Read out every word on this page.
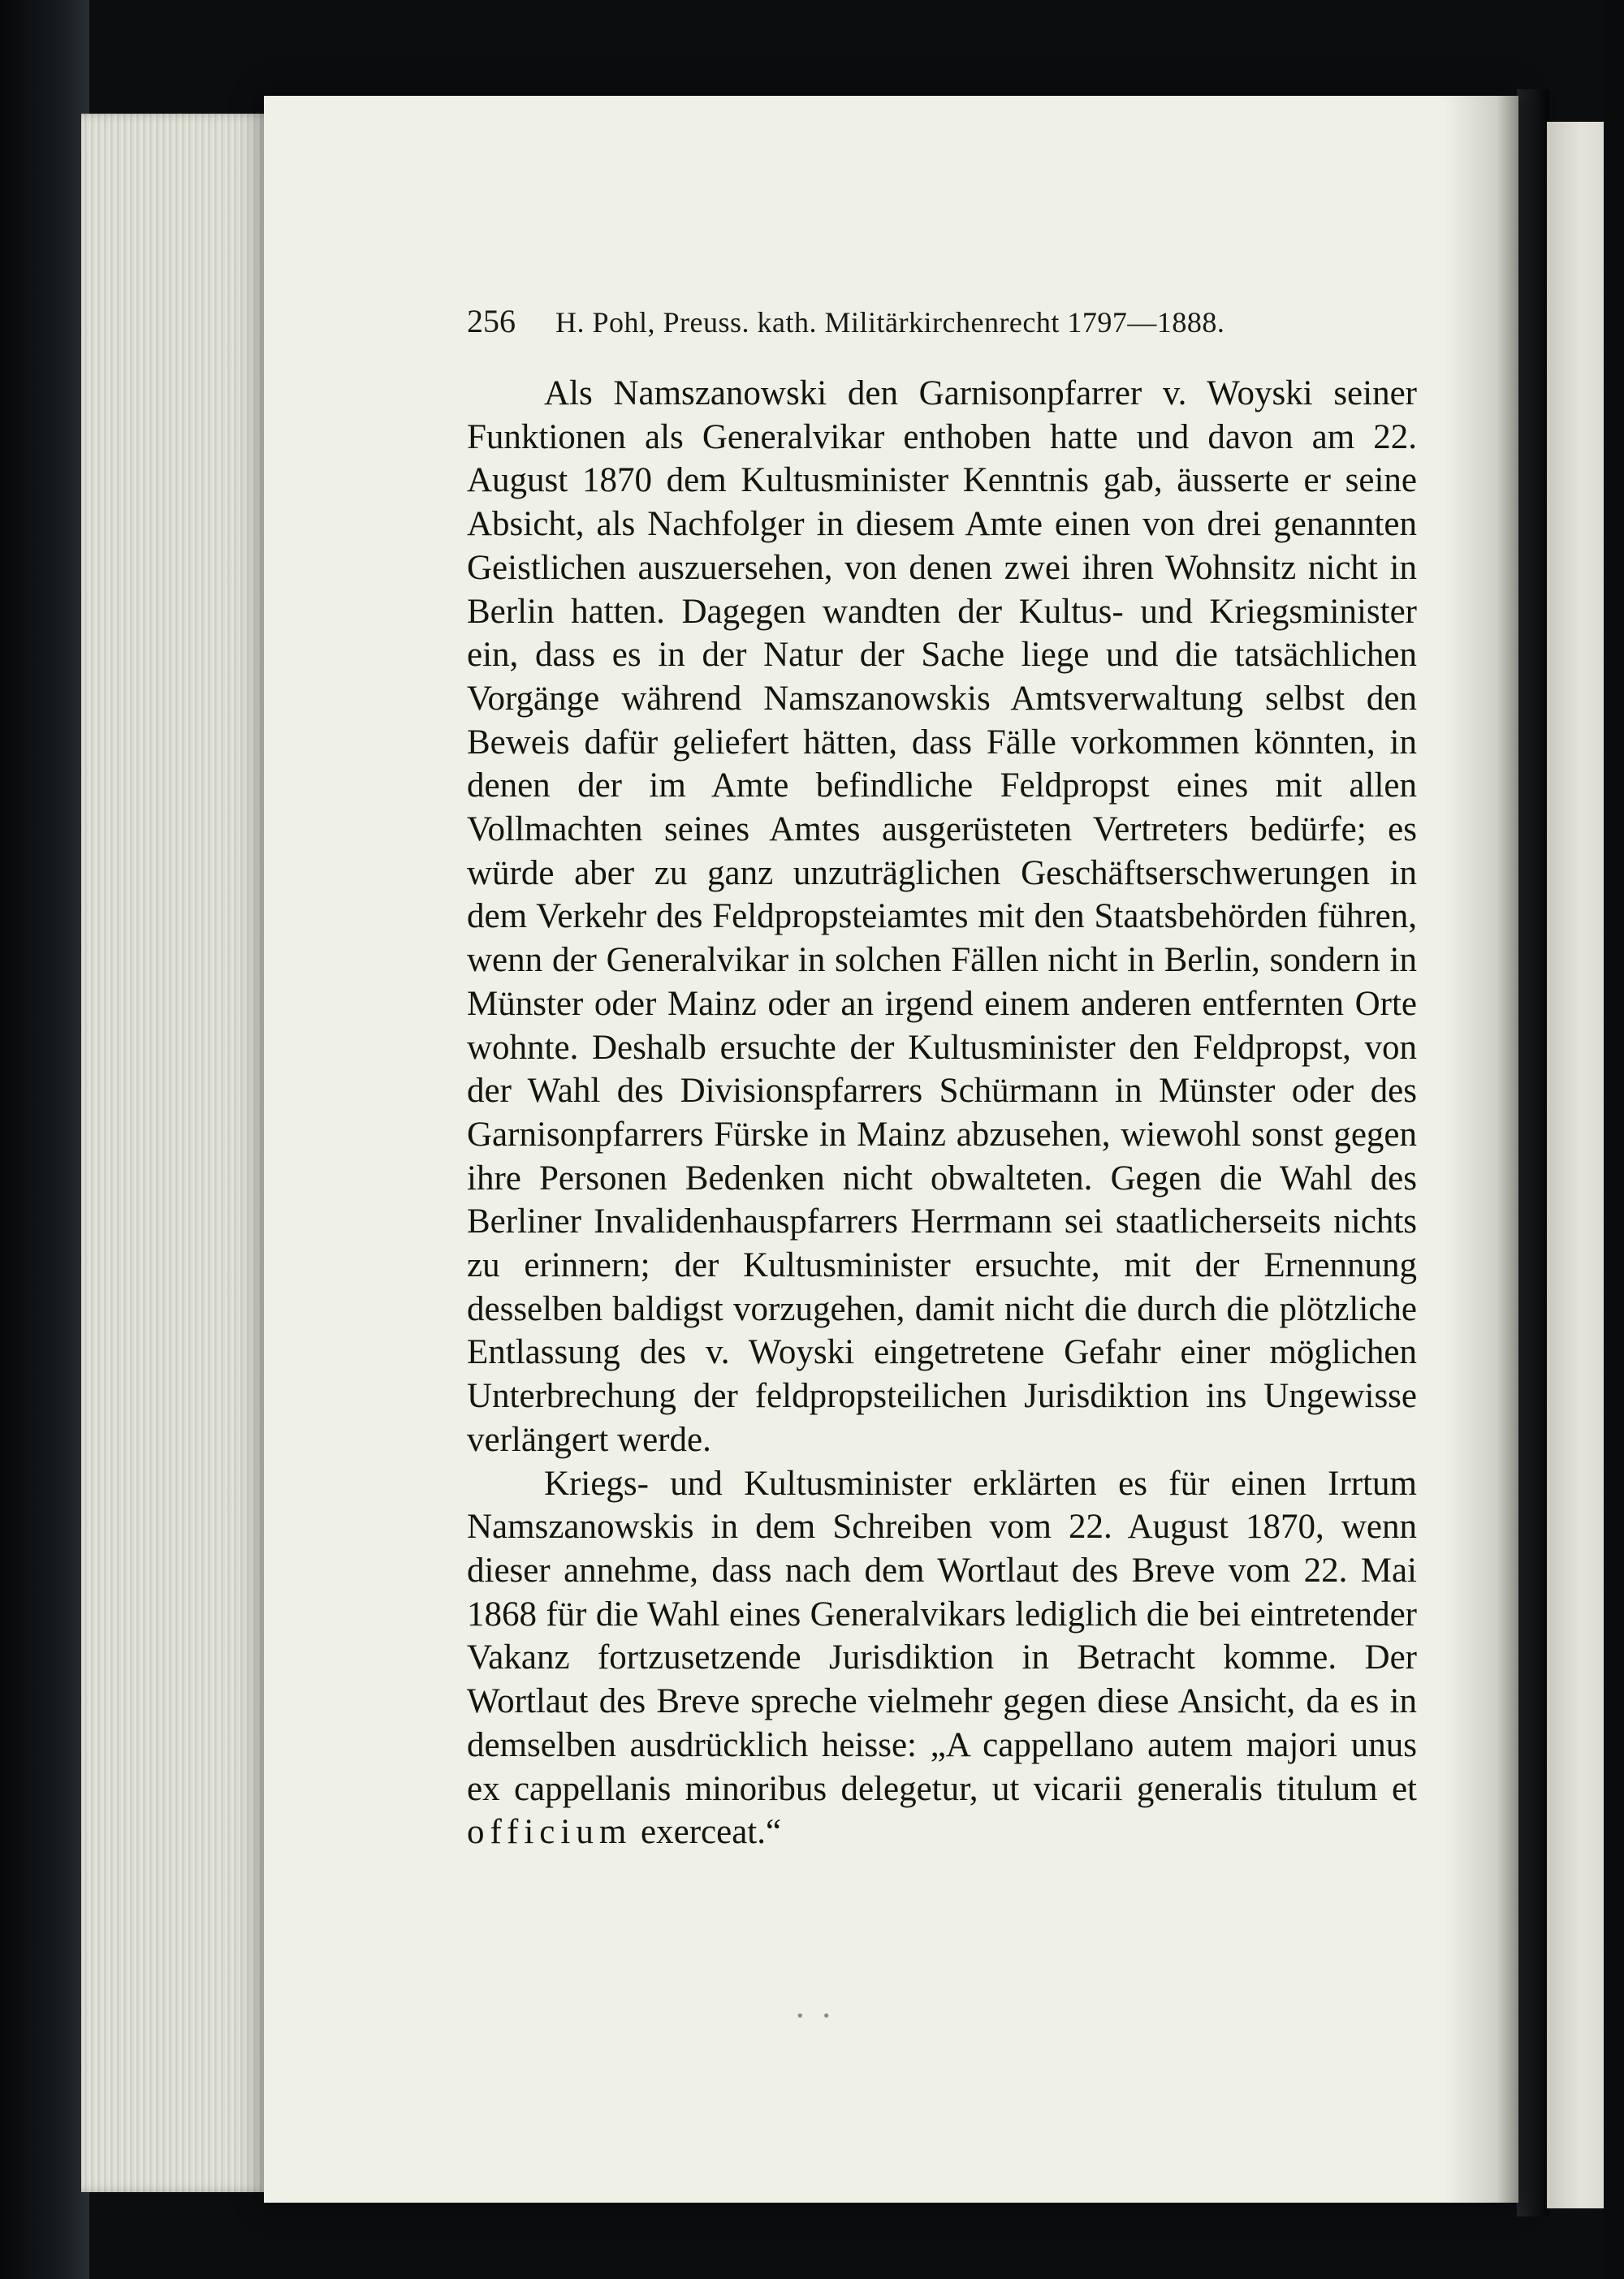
256 H. Pohl, Preuss. kath. Militärkirchenrecht 1797—1888.

Als Namszanowski den Garnisonpfarrer v. Woyski seiner Funktionen als Generalvikar enthoben hatte und davon am 22. August 1870 dem Kultusminister Kenntnis gab, äusserte er seine Absicht, als Nachfolger in diesem Amte einen von drei genannten Geistlichen auszuersehen, von denen zwei ihren Wohnsitz nicht in Berlin hatten. Dagegen wandten der Kultus- und Kriegsminister ein, dass es in der Natur der Sache liege und die tatsächlichen Vorgänge während Namszanowskis Amtsverwaltung selbst den Beweis dafür geliefert hätten, dass Fälle vorkommen könnten, in denen der im Amte befindliche Feldpropst eines mit allen Vollmachten seines Amtes ausgerüsteten Vertreters bedürfe; es würde aber zu ganz unzuträglichen Geschäftserschwerungen in dem Verkehr des Feldpropsteiamtes mit den Staatsbehörden führen, wenn der Generalvikar in solchen Fällen nicht in Berlin, sondern in Münster oder Mainz oder an irgend einem anderen entfernten Orte wohnte. Deshalb ersuchte der Kultusminister den Feldpropst, von der Wahl des Divisionspfarrers Schürmann in Münster oder des Garnisonpfarrers Fürske in Mainz abzusehen, wiewohl sonst gegen ihre Personen Bedenken nicht obwalteten. Gegen die Wahl des Berliner Invalidenhauspfarrers Herrmann sei staatlicherseits nichts zu erinnern; der Kultusminister ersuchte, mit der Ernennung desselben baldigst vorzugehen, damit nicht die durch die plötzliche Entlassung des v. Woyski eingetretene Gefahr einer möglichen Unterbrechung der feldpropsteilichen Jurisdiktion ins Ungewisse verlängert werde.

Kriegs- und Kultusminister erklärten es für einen Irrtum Namszanowskis in dem Schreiben vom 22. August 1870, wenn dieser annehme, dass nach dem Wortlaut des Breve vom 22. Mai 1868 für die Wahl eines Generalvikars lediglich die bei eintretender Vakanz fortzusetzende Jurisdiktion in Betracht komme. Der Wortlaut des Breve spreche vielmehr gegen diese Ansicht, da es in demselben ausdrücklich heisse: „A cappellano autem majori unus ex cappellanis minoribus delegetur, ut vicarii generalis titulum et officium exerceat.“

• •
